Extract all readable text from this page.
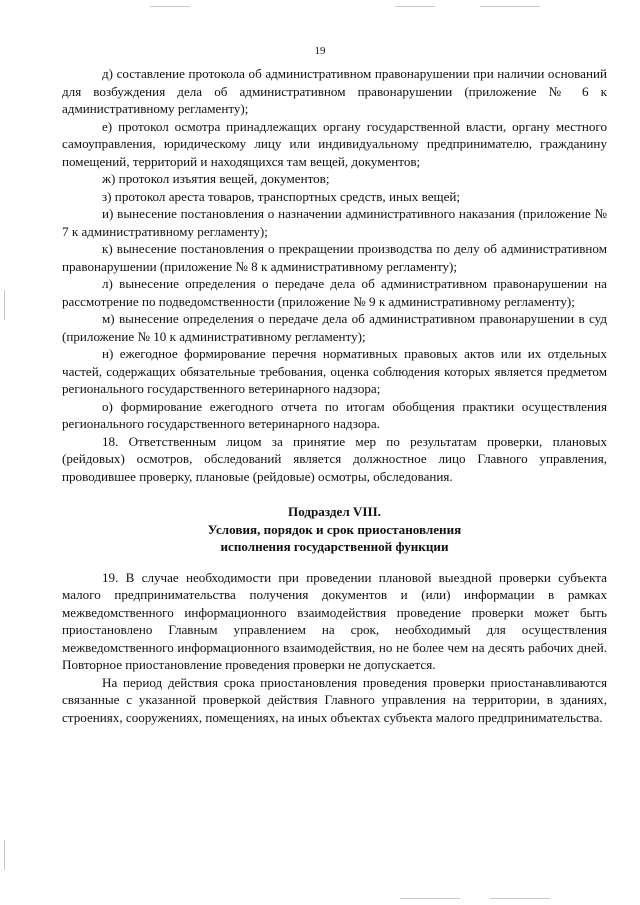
19

д) составление протокола об административном правонарушении при наличии оснований для возбуждения дела об административном правонарушении (приложение № 6 к административному регламенту);

е) протокол осмотра принадлежащих органу государственной власти, органу местного самоуправления, юридическому лицу или индивидуальному предпринимателю, гражданину помещений, территорий и находящихся там вещей, документов;

ж) протокол изъятия вещей, документов;

з) протокол ареста товаров, транспортных средств, иных вещей;

и) вынесение постановления о назначении административного наказания (приложение № 7 к административному регламенту);

к) вынесение постановления о прекращении производства по делу об административном правонарушении (приложение № 8 к административному регламенту);

л) вынесение определения о передаче дела об административном правонарушении на рассмотрение по подведомственности (приложение № 9 к административному регламенту);

м) вынесение определения о передаче дела об административном правонарушении в суд (приложение № 10 к административному регламенту);

н) ежегодное формирование перечня нормативных правовых актов или их отдельных частей, содержащих обязательные требования, оценка соблюдения которых является предметом регионального государственного ветеринарного надзора;

о) формирование ежегодного отчета по итогам обобщения практики осуществления регионального государственного ветеринарного надзора.

18. Ответственным лицом за принятие мер по результатам проверки, плановых (рейдовых) осмотров, обследований является должностное лицо Главного управления, проводившее проверку, плановые (рейдовые) осмотры, обследования.

Подраздел VIII.
Условия, порядок и срок приостановления
исполнения государственной функции

19. В случае необходимости при проведении плановой выездной проверки субъекта малого предпринимательства получения документов и (или) информации в рамках межведомственного информационного взаимодействия проведение проверки может быть приостановлено Главным управлением на срок, необходимый для осуществления межведомственного информационного взаимодействия, но не более чем на десять рабочих дней. Повторное приостановление проведения проверки не допускается.

На период действия срока приостановления проведения проверки приостанавливаются связанные с указанной проверкой действия Главного управления на территории, в зданиях, строениях, сооружениях, помещениях, на иных объектах субъекта малого предпринимательства.
